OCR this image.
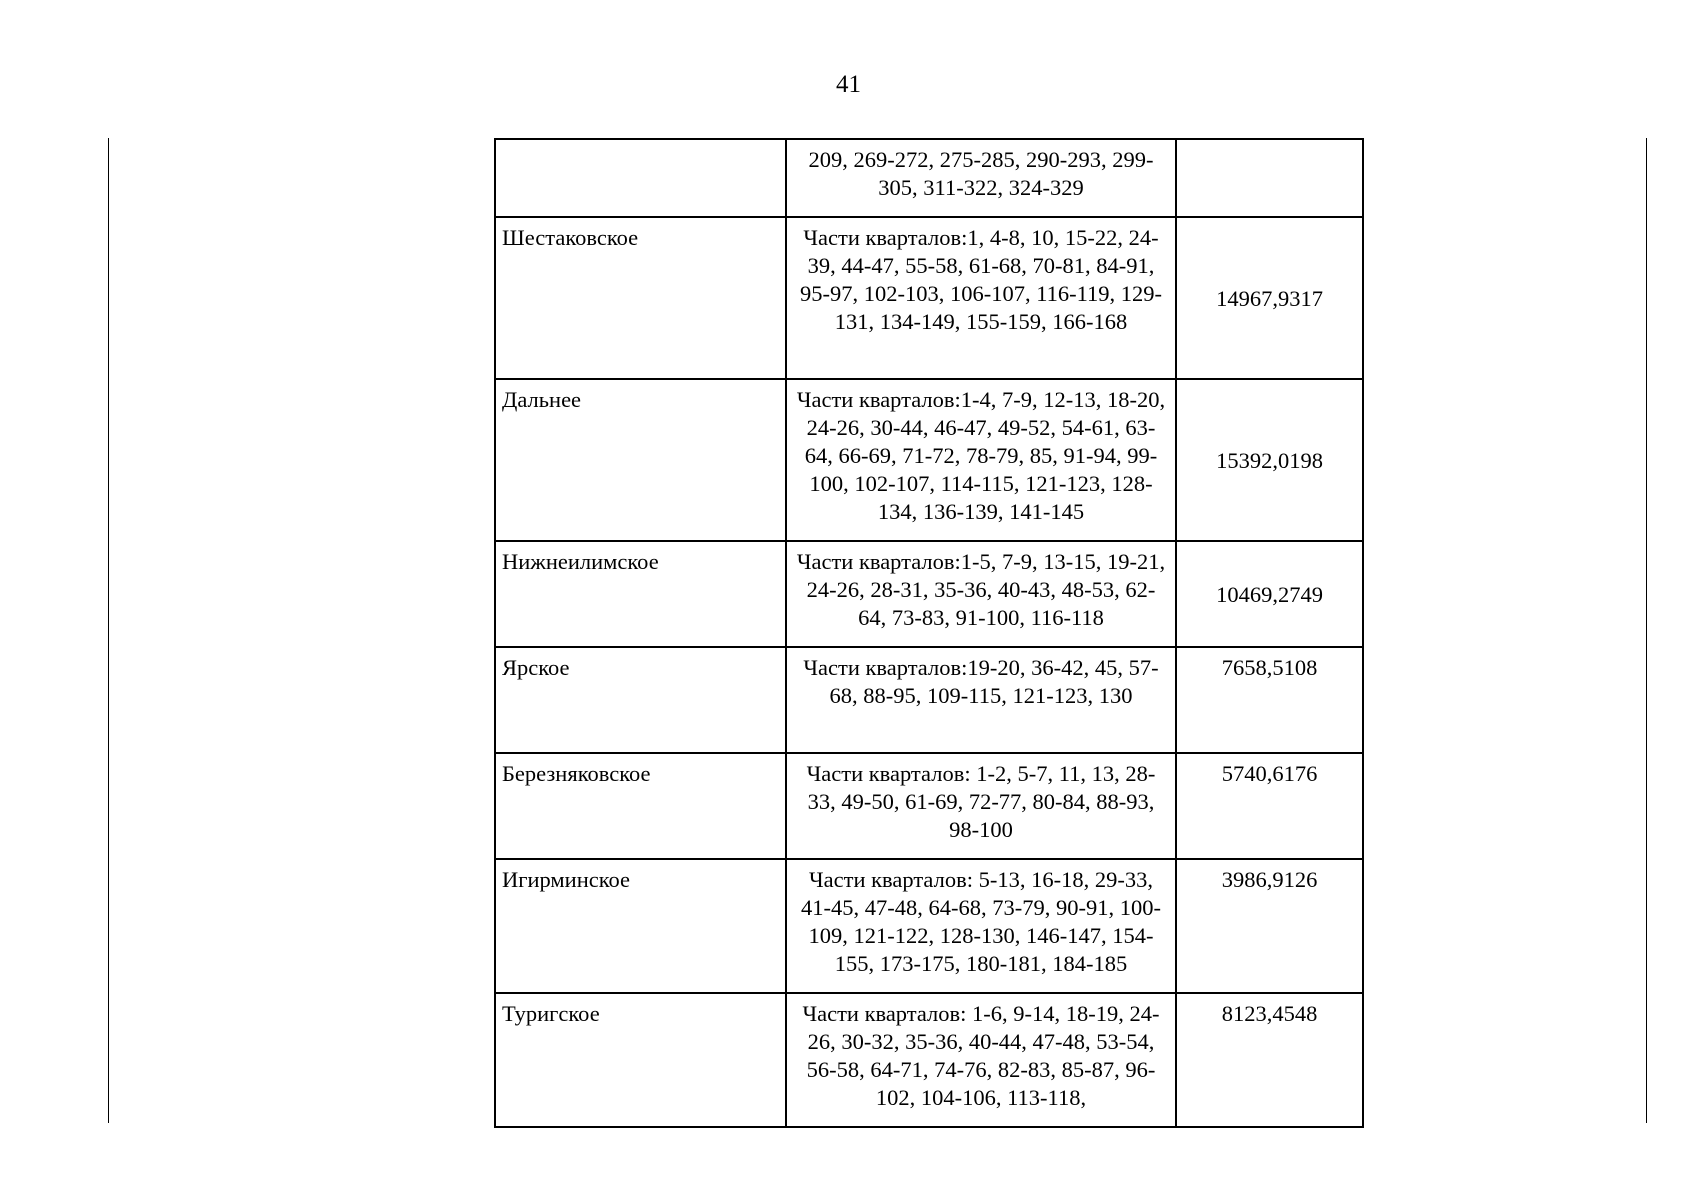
41
	209, 269-272, 275-285, 290-293, 299-305, 311-322, 324-329	
Шестаковское	Части кварталов:1, 4-8, 10, 15-22, 24-39, 44-47, 55-58, 61-68, 70-81, 84-91, 95-97, 102-103, 106-107, 116-119, 129-131, 134-149, 155-159, 166-168	14967,9317
Дальнее	Части кварталов:1-4, 7-9, 12-13, 18-20, 24-26, 30-44, 46-47, 49-52, 54-61, 63-64, 66-69, 71-72, 78-79, 85, 91-94, 99-100, 102-107, 114-115, 121-123, 128-134, 136-139, 141-145	15392,0198
Нижнеилимское	Части кварталов:1-5, 7-9, 13-15, 19-21, 24-26, 28-31, 35-36, 40-43, 48-53, 62-64, 73-83, 91-100, 116-118	10469,2749
Ярское	Части кварталов:19-20, 36-42, 45, 57-68, 88-95, 109-115, 121-123, 130	7658,5108
Березняковское	Части кварталов: 1-2, 5-7, 11, 13, 28-33, 49-50, 61-69, 72-77, 80-84, 88-93, 98-100	5740,6176
Игирминское	Части кварталов: 5-13, 16-18, 29-33, 41-45, 47-48, 64-68, 73-79, 90-91, 100-109, 121-122, 128-130, 146-147, 154-155, 173-175, 180-181, 184-185	3986,9126
Туригское	Части кварталов: 1-6, 9-14, 18-19, 24-26, 30-32, 35-36, 40-44, 47-48, 53-54, 56-58, 64-71, 74-76, 82-83, 85-87, 96-102, 104-106, 113-118,	8123,4548
